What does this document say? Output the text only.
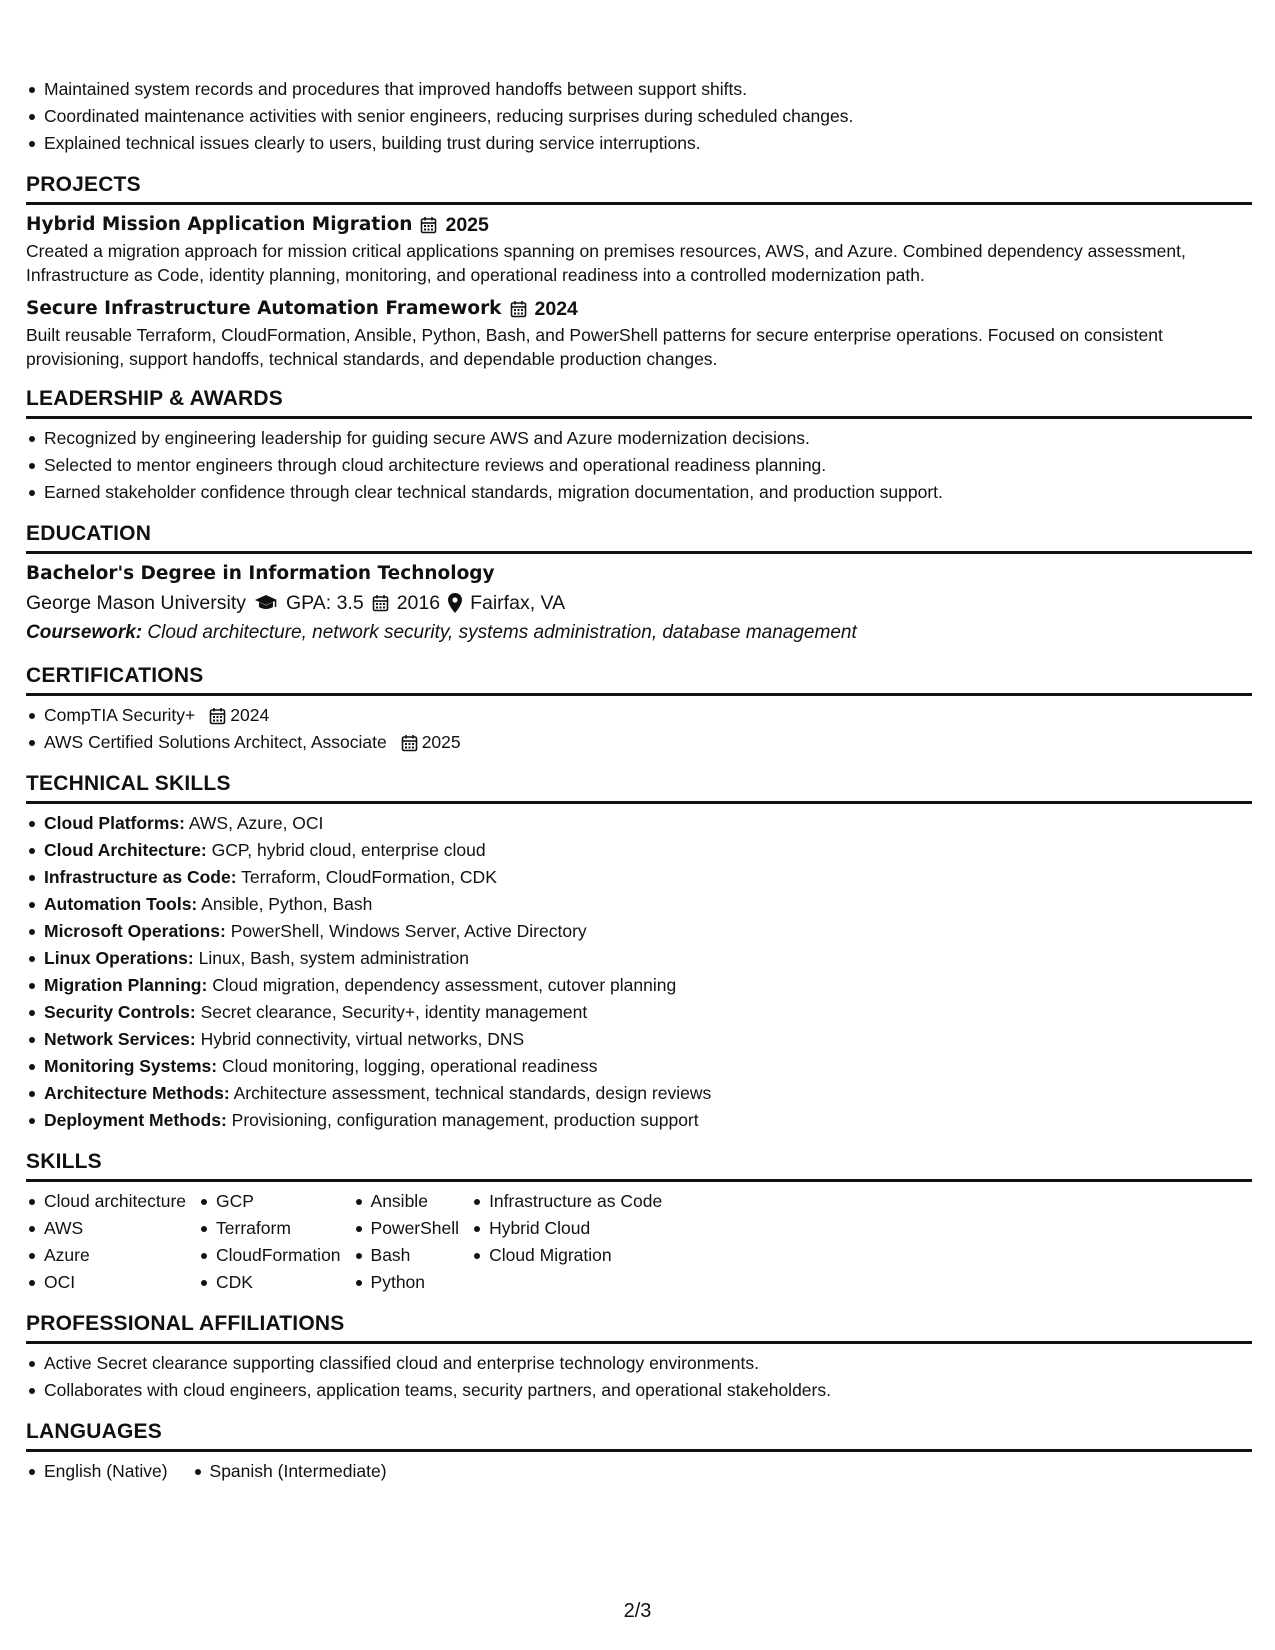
Maintained system records and procedures that improved handoffs between support shifts.
Coordinated maintenance activities with senior engineers, reducing surprises during scheduled changes.
Explained technical issues clearly to users, building trust during service interruptions.
PROJECTS
Hybrid Mission Application Migration 2025
Created a migration approach for mission critical applications spanning on premises resources, AWS, and Azure. Combined dependency assessment, Infrastructure as Code, identity planning, monitoring, and operational readiness into a controlled modernization path.
Secure Infrastructure Automation Framework 2024
Built reusable Terraform, CloudFormation, Ansible, Python, Bash, and PowerShell patterns for secure enterprise operations. Focused on consistent provisioning, support handoffs, technical standards, and dependable production changes.
LEADERSHIP & AWARDS
Recognized by engineering leadership for guiding secure AWS and Azure modernization decisions.
Selected to mentor engineers through cloud architecture reviews and operational readiness planning.
Earned stakeholder confidence through clear technical standards, migration documentation, and production support.
EDUCATION
Bachelor's Degree in Information Technology
George Mason University GPA: 3.5 2016 Fairfax, VA
Coursework: Cloud architecture, network security, systems administration, database management
CERTIFICATIONS
CompTIA Security+ 2024
AWS Certified Solutions Architect, Associate 2025
TECHNICAL SKILLS
Cloud Platforms: AWS, Azure, OCI
Cloud Architecture: GCP, hybrid cloud, enterprise cloud
Infrastructure as Code: Terraform, CloudFormation, CDK
Automation Tools: Ansible, Python, Bash
Microsoft Operations: PowerShell, Windows Server, Active Directory
Linux Operations: Linux, Bash, system administration
Migration Planning: Cloud migration, dependency assessment, cutover planning
Security Controls: Secret clearance, Security+, identity management
Network Services: Hybrid connectivity, virtual networks, DNS
Monitoring Systems: Cloud monitoring, logging, operational readiness
Architecture Methods: Architecture assessment, technical standards, design reviews
Deployment Methods: Provisioning, configuration management, production support
SKILLS
Cloud architecture
AWS
Azure
OCI
GCP
Terraform
CloudFormation
CDK
Ansible
PowerShell
Bash
Python
Infrastructure as Code
Hybrid Cloud
Cloud Migration
PROFESSIONAL AFFILIATIONS
Active Secret clearance supporting classified cloud and enterprise technology environments.
Collaborates with cloud engineers, application teams, security partners, and operational stakeholders.
LANGUAGES
English (Native)	Spanish (Intermediate)
2/3
